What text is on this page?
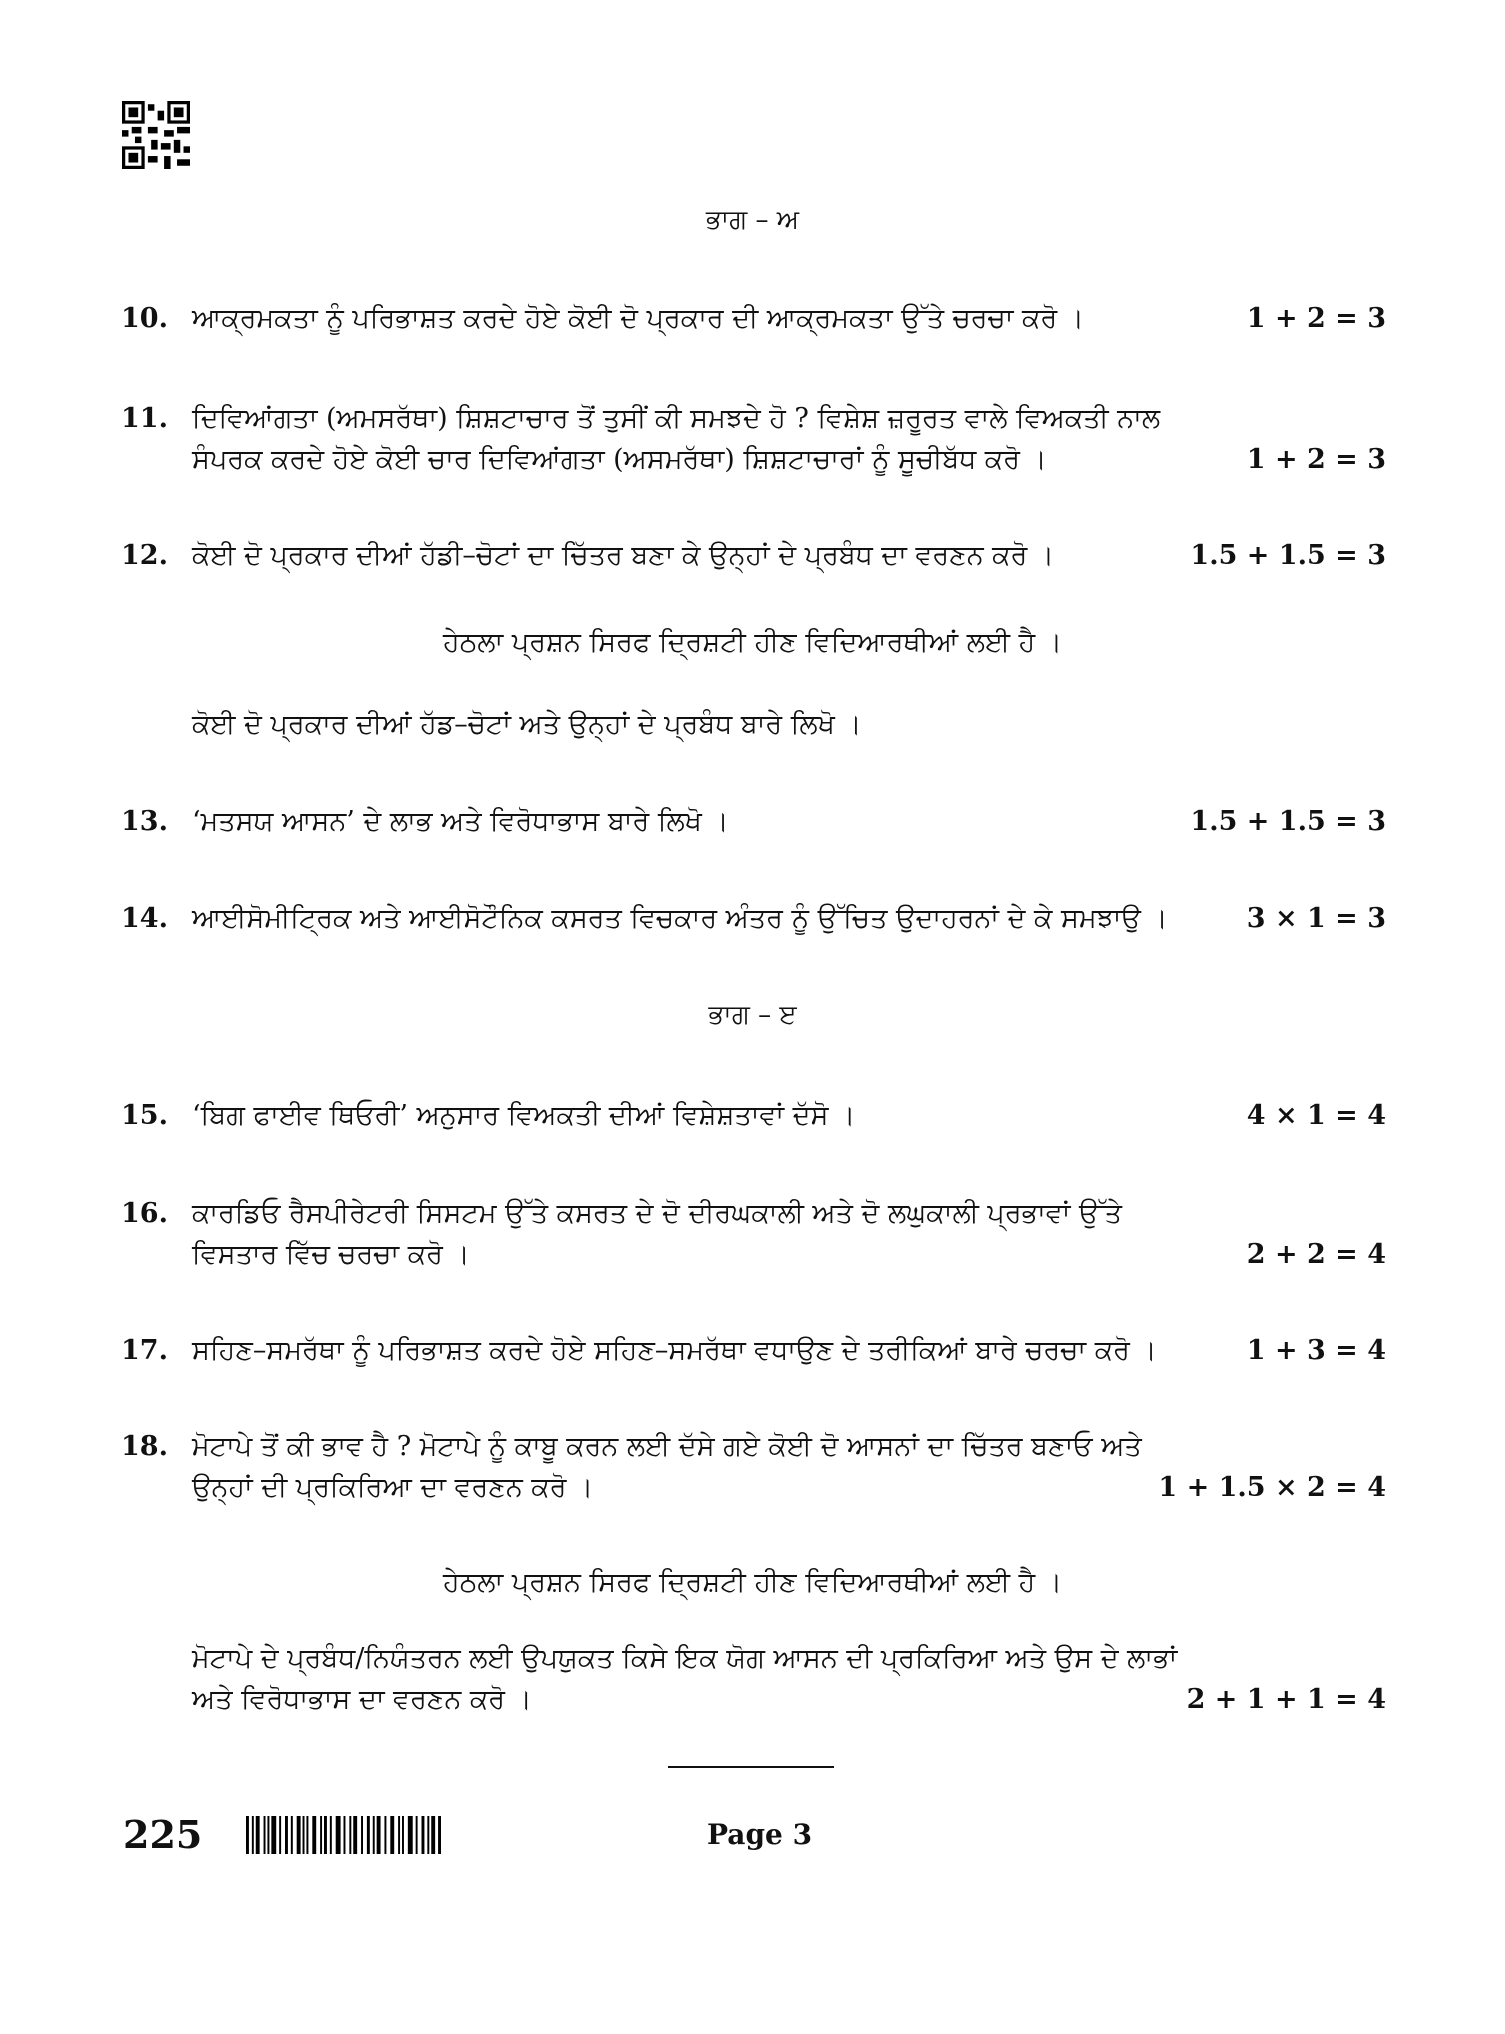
ਭਾਗ – ਅ
10. ਆਕ੍ਰਮਕਤਾ ਨੂੰ ਪਰਿਭਾਸ਼ਤ ਕਰਦੇ ਹੋਏ ਕੋਈ ਦੋ ਪ੍ਰਕਾਰ ਦੀ ਆਕ੍ਰਮਕਤਾ ਉੱਤੇ ਚਰਚਾ ਕਰੋ ।	1 + 2 = 3
11. ਦਿਵਿਆਂਗਤਾ (ਅਮਸਰੱਥਾ) ਸ਼ਿਸ਼ਟਾਚਾਰ ਤੋਂ ਤੁਸੀਂ ਕੀ ਸਮਝਦੇ ਹੋ ? ਵਿਸ਼ੇਸ਼ ਜ਼ਰੂਰਤ ਵਾਲੇ ਵਿਅਕਤੀ ਨਾਲ ਸੰਪਰਕ ਕਰਦੇ ਹੋਏ ਕੋਈ ਚਾਰ ਦਿਵਿਆਂਗਤਾ (ਅਸਮਰੱਥਾ) ਸ਼ਿਸ਼ਟਾਚਾਰਾਂ ਨੂੰ ਸੂਚੀਬੱਧ ਕਰੋ ।	1 + 2 = 3
12. ਕੋਈ ਦੋ ਪ੍ਰਕਾਰ ਦੀਆਂ ਹੱਡੀ–ਚੋਟਾਂ ਦਾ ਚਿੱਤਰ ਬਣਾ ਕੇ ਉਨ੍ਹਾਂ ਦੇ ਪ੍ਰਬੰਧ ਦਾ ਵਰਣਨ ਕਰੋ ।	1.5 + 1.5 = 3
ਹੇਠਲਾ ਪ੍ਰਸ਼ਨ ਸਿਰਫ ਦ੍ਰਿਸ਼ਟੀ ਹੀਣ ਵਿਦਿਆਰਥੀਆਂ ਲਈ ਹੈ ।
ਕੋਈ ਦੋ ਪ੍ਰਕਾਰ ਦੀਆਂ ਹੱਡ–ਚੋਟਾਂ ਅਤੇ ਉਨ੍ਹਾਂ ਦੇ ਪ੍ਰਬੰਧ ਬਾਰੇ ਲਿਖੋ ।
13. ‘ਮਤਸਯ ਆਸਨ’ ਦੇ ਲਾਭ ਅਤੇ ਵਿਰੋਧਾਭਾਸ ਬਾਰੇ ਲਿਖੋ ।	1.5 + 1.5 = 3
14. ਆਈਸੋਮੀਟ੍ਰਿਕ ਅਤੇ ਆਈਸੋਟੌਨਿਕ ਕਸਰਤ ਵਿਚਕਾਰ ਅੰਤਰ ਨੂੰ ਉੱਚਿਤ ਉਦਾਹਰਨਾਂ ਦੇ ਕੇ ਸਮਝਾਉ ।	3 × 1 = 3
ਭਾਗ – ੲ
15. ‘ਬਿਗ ਫਾਈਵ ਥਿਓਰੀ’ ਅਨੁਸਾਰ ਵਿਅਕਤੀ ਦੀਆਂ ਵਿਸ਼ੇਸ਼ਤਾਵਾਂ ਦੱਸੋ ।	4 × 1 = 4
16. ਕਾਰਡਿਓ ਰੈਸਪੀਰੇਟਰੀ ਸਿਸਟਮ ਉੱਤੇ ਕਸਰਤ ਦੇ ਦੋ ਦੀਰਘਕਾਲੀ ਅਤੇ ਦੋ ਲਘੁਕਾਲੀ ਪ੍ਰਭਾਵਾਂ ਉੱਤੇ ਵਿਸਤਾਰ ਵਿੱਚ ਚਰਚਾ ਕਰੋ ।	2 + 2 = 4
17. ਸਹਿਣ–ਸਮਰੱਥਾ ਨੂੰ ਪਰਿਭਾਸ਼ਤ ਕਰਦੇ ਹੋਏ ਸਹਿਣ–ਸਮਰੱਥਾ ਵਧਾਉਣ ਦੇ ਤਰੀਕਿਆਂ ਬਾਰੇ ਚਰਚਾ ਕਰੋ ।	1 + 3 = 4
18. ਮੋਟਾਪੇ ਤੋਂ ਕੀ ਭਾਵ ਹੈ ? ਮੋਟਾਪੇ ਨੂੰ ਕਾਬੂ ਕਰਨ ਲਈ ਦੱਸੇ ਗਏ ਕੋਈ ਦੋ ਆਸਨਾਂ ਦਾ ਚਿੱਤਰ ਬਣਾਓ ਅਤੇ ਉਨ੍ਹਾਂ ਦੀ ਪ੍ਰਕਿਰਿਆ ਦਾ ਵਰਣਨ ਕਰੋ ।	1 + 1.5 × 2 = 4
ਹੇਠਲਾ ਪ੍ਰਸ਼ਨ ਸਿਰਫ ਦ੍ਰਿਸ਼ਟੀ ਹੀਣ ਵਿਦਿਆਰਥੀਆਂ ਲਈ ਹੈ ।
ਮੋਟਾਪੇ ਦੇ ਪ੍ਰਬੰਧ/ਨਿਯੰਤਰਨ ਲਈ ਉਪਯੁਕਤ ਕਿਸੇ ਇਕ ਯੋਗ ਆਸਨ ਦੀ ਪ੍ਰਕਿਰਿਆ ਅਤੇ ਉਸ ਦੇ ਲਾਭਾਂ ਅਤੇ ਵਿਰੋਧਾਭਾਸ ਦਾ ਵਰਣਨ ਕਰੋ ।	2 + 1 + 1 = 4
225	Page 3
